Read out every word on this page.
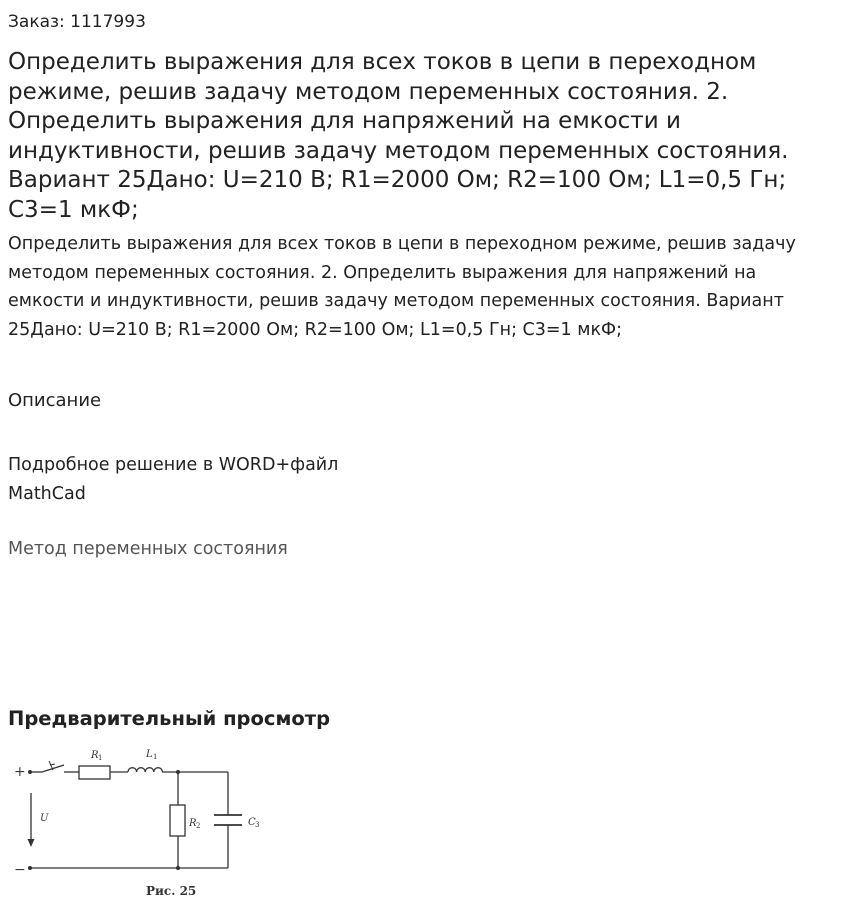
Заказ: 1117993
Определить выражения для всех токов в цепи в переходном режиме, решив задачу методом переменных состояния. 2. Определить выражения для напряжений на емкости и индуктивности, решив задачу методом переменных состояния. Вариант 25Дано: U=210 В; R1=2000 Ом; R2=100 Ом; L1=0,5 Гн; С3=1 мкФ;

Определить выражения для всех токов в цепи в переходном режиме, решив задачу методом переменных состояния. 2. Определить выражения для напряжений на емкости и индуктивности, решив задачу методом переменных состояния. Вариант 25Дано: U=210 В; R1=2000 Ом; R2=100 Ом; L1=0,5 Гн; С3=1 мкФ;

Описание
Подробное решение в WORD+файл
MathCad
Метод переменных состояния
Предварительный просмотр
+
−
R 1	L 1
R 2	C 3
U
Рис. 25
